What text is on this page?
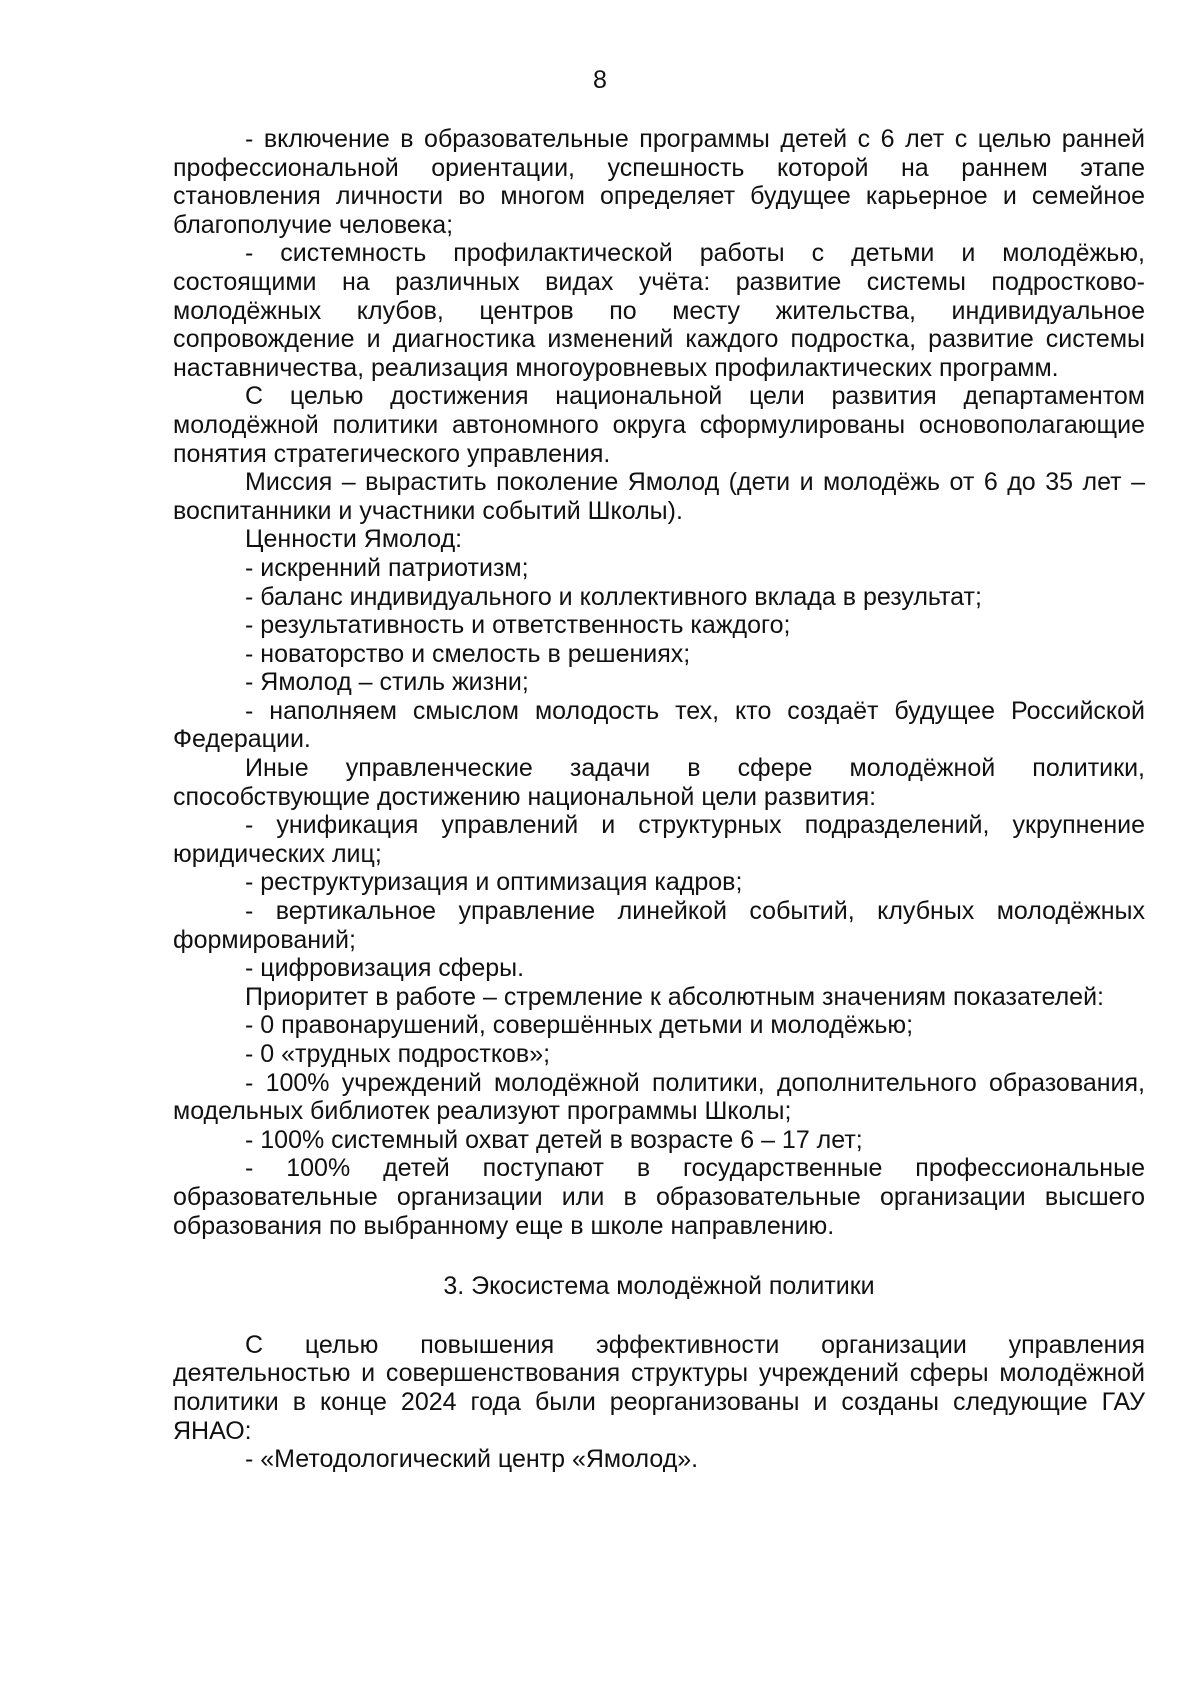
8

- включение в образовательные программы детей с 6 лет с целью ранней профессиональной ориентации, успешность которой на раннем этапе становления личности во многом определяет будущее карьерное и семейное благополучие человека;

- системность профилактической работы с детьми и молодёжью, состоящими на различных видах учёта: развитие системы подростково-молодёжных клубов, центров по месту жительства, индивидуальное сопровождение и диагностика изменений каждого подростка, развитие системы наставничества, реализация многоуровневых профилактических программ.

С целью достижения национальной цели развития департаментом молодёжной политики автономного округа сформулированы основополагающие понятия стратегического управления.

Миссия – вырастить поколение Ямолод (дети и молодёжь от 6 до 35 лет – воспитанники и участники событий Школы).

Ценности Ямолод:

- искренний патриотизм;

- баланс индивидуального и коллективного вклада в результат;

- результативность и ответственность каждого;

- новаторство и смелость в решениях;

- Ямолод – стиль жизни;

- наполняем смыслом молодость тех, кто создаёт будущее Российской Федерации.

Иные управленческие задачи в сфере молодёжной политики, способствующие достижению национальной цели развития:

- унификация управлений и структурных подразделений, укрупнение юридических лиц;

- реструктуризация и оптимизация кадров;

- вертикальное управление линейкой событий, клубных молодёжных формирований;

- цифровизация сферы.

Приоритет в работе – стремление к абсолютным значениям показателей:

- 0 правонарушений, совершённых детьми и молодёжью;

- 0 «трудных подростков»;

- 100% учреждений молодёжной политики, дополнительного образования, модельных библиотек реализуют программы Школы;

- 100% системный охват детей в возрасте 6 – 17 лет;

- 100% детей поступают в государственные профессиональные образовательные организации или в образовательные организации высшего образования по выбранному еще в школе направлению.

3. Экосистема молодёжной политики

С целью повышения эффективности организации управления деятельностью и совершенствования структуры учреждений сферы молодёжной политики в конце 2024 года были реорганизованы и созданы следующие ГАУ ЯНАО:

- «Методологический центр «Ямолод».
